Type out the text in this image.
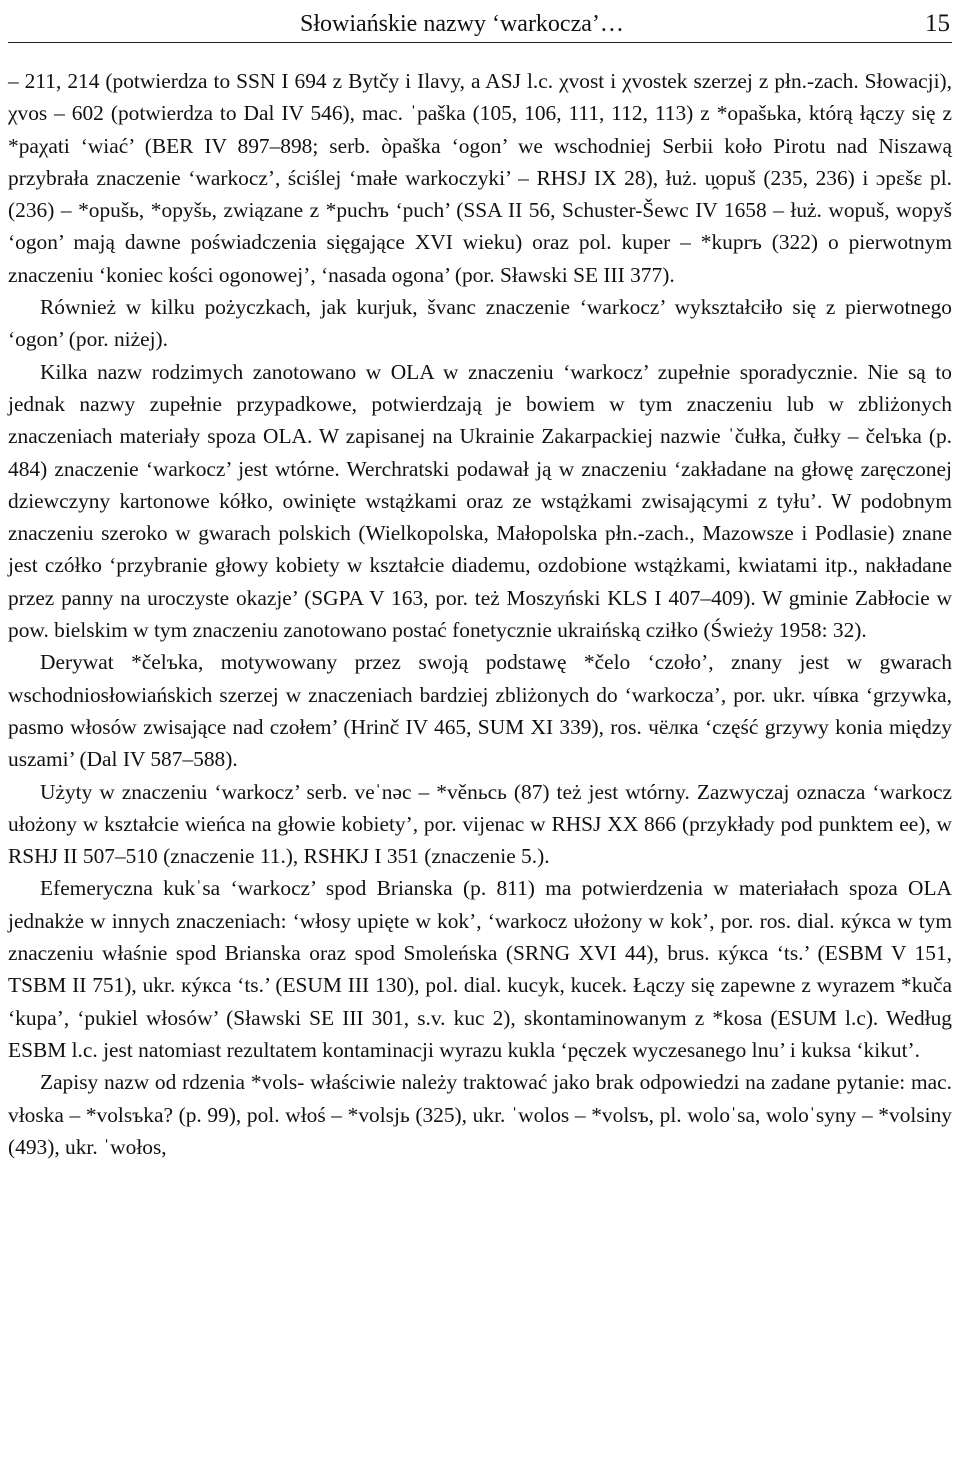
Słowiańskie nazwy ‘warkocza’…	15

– 211, 214 (potwierdza to SSN I 694 z Bytčy i Ilavy, a ASJ l.c. χvost i χvostek szerzej z płn.-zach. Słowacji), χvos – 602 (potwierdza to Dal IV 546), mac. ˈpaška (105, 106, 111, 112, 113) z *opašьka, którą łączy się z *paχati ‘wiać’ (BER IV 897–898; serb. òpaška ‘ogon’ we wschodniej Serbii koło Pirotu nad Niszawą przybrała znaczenie ‘warkocz’, ściślej ‘małe warkoczyki’ – RHSJ IX 28), łuż. u̯opuš (235, 236) i ɔpɛšɛ pl. (236) – *opušь, *opyšь, związane z *puchъ ‘puch’ (SSA II 56, Schuster-Šewc IV 1658 – łuż. wopuš, wopyš ‘ogon’ mają dawne poświadczenia sięgające XVI wieku) oraz pol. kuper – *kuprъ (322) o pierwotnym znaczeniu ‘koniec kości ogonowej’, ‘nasada ogona’ (por. Sławski SE III 377).

Również w kilku pożyczkach, jak kurjuk, švanc znaczenie ‘warkocz’ wykształciło się z pierwotnego ‘ogon’ (por. niżej).

Kilka nazw rodzimych zanotowano w OLA w znaczeniu ‘warkocz’ zupełnie sporadycznie. Nie są to jednak nazwy zupełnie przypadkowe, potwierdzają je bowiem w tym znaczeniu lub w zbliżonych znaczeniach materiały spoza OLA. W zapisanej na Ukrainie Zakarpackiej nazwie ˈčułka, čułky – čelъka (p. 484) znaczenie ‘warkocz’ jest wtórne. Werchratski podawał ją w znaczeniu ‘zakładane na głowę zaręczonej dziewczyny kartonowe kółko, owinięte wstążkami oraz ze wstążkami zwisającymi z tyłu’. W podobnym znaczeniu szeroko w gwarach polskich (Wielkopolska, Małopolska płn.-zach., Mazowsze i Podlasie) znane jest czółko ‘przybranie głowy kobiety w kształcie diademu, ozdobione wstążkami, kwiatami itp., nakładane przez panny na uroczyste okazje’ (SGPA V 163, por. też Moszyński KLS I 407–409). W gminie Zabłocie w pow. bielskim w tym znaczeniu zanotowano postać fonetycznie ukraińską cziłko (Świeży 1958: 32).

Derywat *čelъka, motywowany przez swoją podstawę *čelo ‘czoło’, znany jest w gwarach wschodniosłowiańskich szerzej w znaczeniach bardziej zbliżonych do ‘warkocza’, por. ukr. чíвка ‘grzywka, pasmo włosów zwisające nad czołem’ (Hrinč IV 465, SUM XI 339), ros. чёлка ‘część grzywy konia między uszami’ (Dal IV 587–588).

Użyty w znaczeniu ‘warkocz’ serb. veˈnəc – *věnьcь (87) też jest wtórny. Zazwyczaj oznacza ‘warkocz ułożony w kształcie wieńca na głowie kobiety’, por. vijenac w RHSJ XX 866 (przykłady pod punktem ee), w RSHJ II 507–510 (znaczenie 11.), RSHKJ I 351 (znaczenie 5.).

Efemeryczna kukˈsa ‘warkocz’ spod Brianska (p. 811) ma potwierdzenia w materiałach spoza OLA jednakże w innych znaczeniach: ‘włosy upięte w kok’, ‘warkocz ułożony w kok’, por. ros. dial. кýкса w tym znaczeniu właśnie spod Brianska oraz spod Smoleńska (SRNG XVI 44), brus. кýкса ‘ts.’ (ESBM V 151, TSBM II 751), ukr. кýкса ‘ts.’ (ESUM III 130), pol. dial. kucyk, kucek. Łączy się zapewne z wyrazem *kuča ‘kupa’, ‘pukiel włosów’ (Sławski SE III 301, s.v. kuc 2), skontaminowanym z *kosa (ESUM l.c). Według ESBM l.c. jest natomiast rezultatem kontaminacji wyrazu kukla ‘pęczek wyczesanego lnu’ i kuksa ‘kikut’.

Zapisy nazw od rdzenia *vols- właściwie należy traktować jako brak odpowiedzi na zadane pytanie: mac. vłoska – *volsъka? (p. 99), pol. włoś – *volsjь (325), ukr. ˈwolos – *volsъ, pl. woloˈsa, woloˈsyny – *volsiny (493), ukr. ˈwołos,
